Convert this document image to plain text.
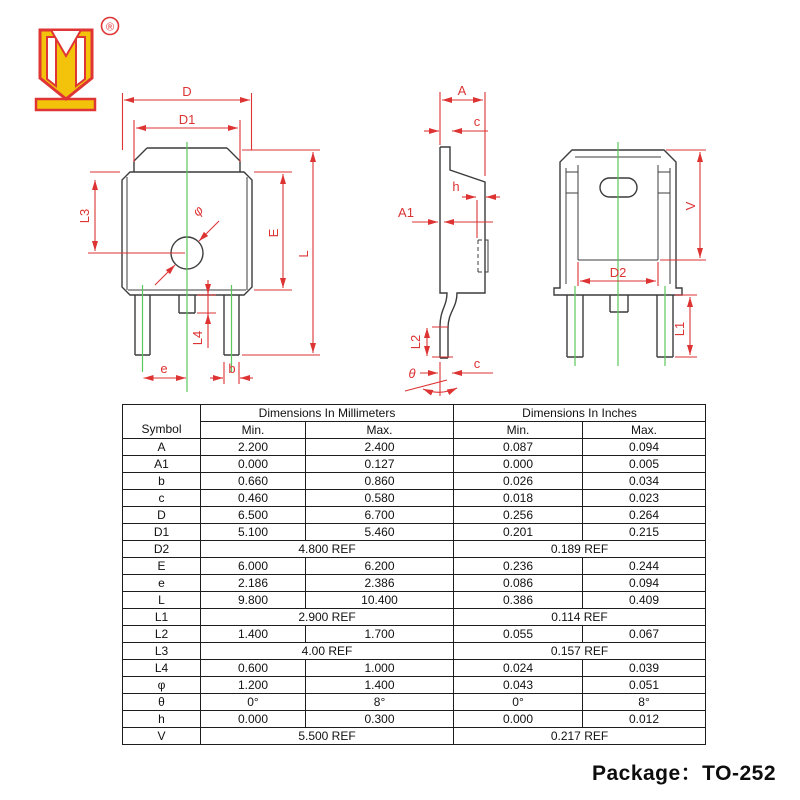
®
D
D1
L3
E
L
φ
L4
e	b
A
c
h
A1
L2
θ
c
V
D2
L1
Symbol	Dimensions In Millimeters		Dimensions In Inches	
	Min.	Max.	Min.	Max.
A	2.200	2.400	0.087	0.094
A1	0.000	0.127	0.000	0.005
b	0.660	0.860	0.026	0.034
c	0.460	0.580	0.018	0.023
D	6.500	6.700	0.256	0.264
D1	5.100	5.460	0.201	0.215
D2	4.800 REF		0.189 REF	
E	6.000	6.200	0.236	0.244
e	2.186	2.386	0.086	0.094
L	9.800	10.400	0.386	0.409
L1	2.900 REF		0.114 REF	
L2	1.400	1.700	0.055	0.067
L3	4.00 REF		0.157 REF	
L4	0.600	1.000	0.024	0.039
φ	1.200	1.400	0.043	0.051
θ	0°	8°	0°	8°
h	0.000	0.300	0.000	0.012
V	5.500 REF		0.217 REF	
Package：TO-252
